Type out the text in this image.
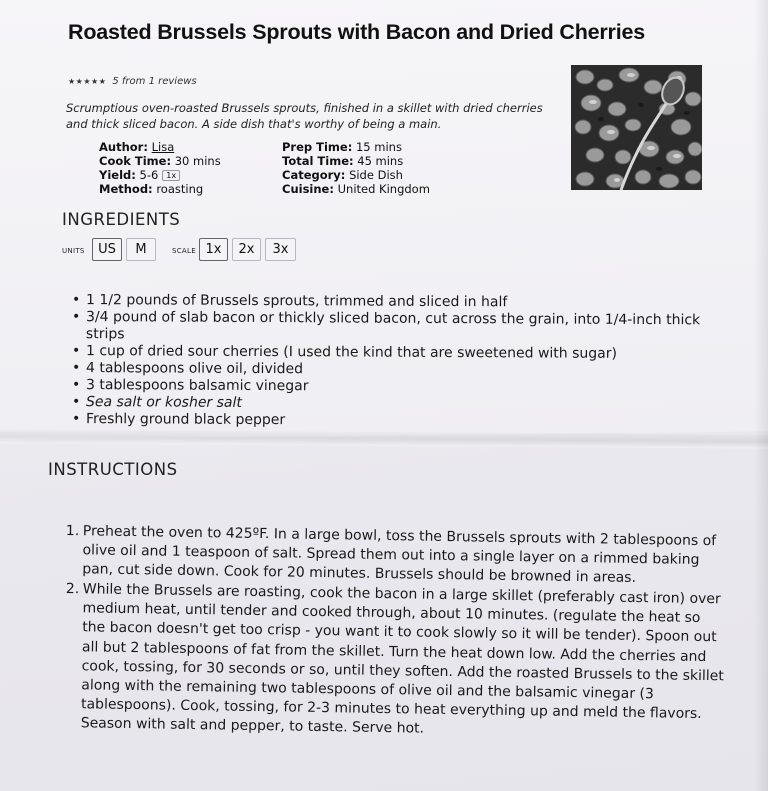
Roasted Brussels Sprouts with Bacon and Dried Cherries
★★★★★ 5 from 1 reviews
Scrumptious oven-roasted Brussels sprouts, finished in a skillet with dried cherries and thick sliced bacon. A side dish that's worthy of being a main.
Author: Lisa
Cook Time: 30 mins
Yield: 5-6 1x
Method: roasting
Prep Time: 15 mins
Total Time: 45 mins
Category: Side Dish
Cuisine: United Kingdom
INGREDIENTS
UNITS	US	M	SCALE 1x	2x	3x
• 1 1/2 pounds of Brussels sprouts, trimmed and sliced in half
• 3/4 pound of slab bacon or thickly sliced bacon, cut across the grain, into 1/4-inch thick strips
• 1 cup of dried sour cherries (I used the kind that are sweetened with sugar)
• 4 tablespoons olive oil, divided
• 3 tablespoons balsamic vinegar
• Sea salt or kosher salt
• Freshly ground black pepper
INSTRUCTIONS
1. Preheat the oven to 425ºF. In a large bowl, toss the Brussels sprouts with 2 tablespoons of olive oil and 1 teaspoon of salt. Spread them out into a single layer on a rimmed baking pan, cut side down. Cook for 20 minutes. Brussels should be browned in areas.
2. While the Brussels are roasting, cook the bacon in a large skillet (preferably cast iron) over medium heat, until tender and cooked through, about 10 minutes. (regulate the heat so the bacon doesn't get too crisp - you want it to cook slowly so it will be tender). Spoon out all but 2 tablespoons of fat from the skillet. Turn the heat down low. Add the cherries and cook, tossing, for 30 seconds or so, until they soften. Add the roasted Brussels to the skillet along with the remaining two tablespoons of olive oil and the balsamic vinegar (3 tablespoons). Cook, tossing, for 2-3 minutes to heat everything up and meld the flavors. Season with salt and pepper, to taste. Serve hot.
